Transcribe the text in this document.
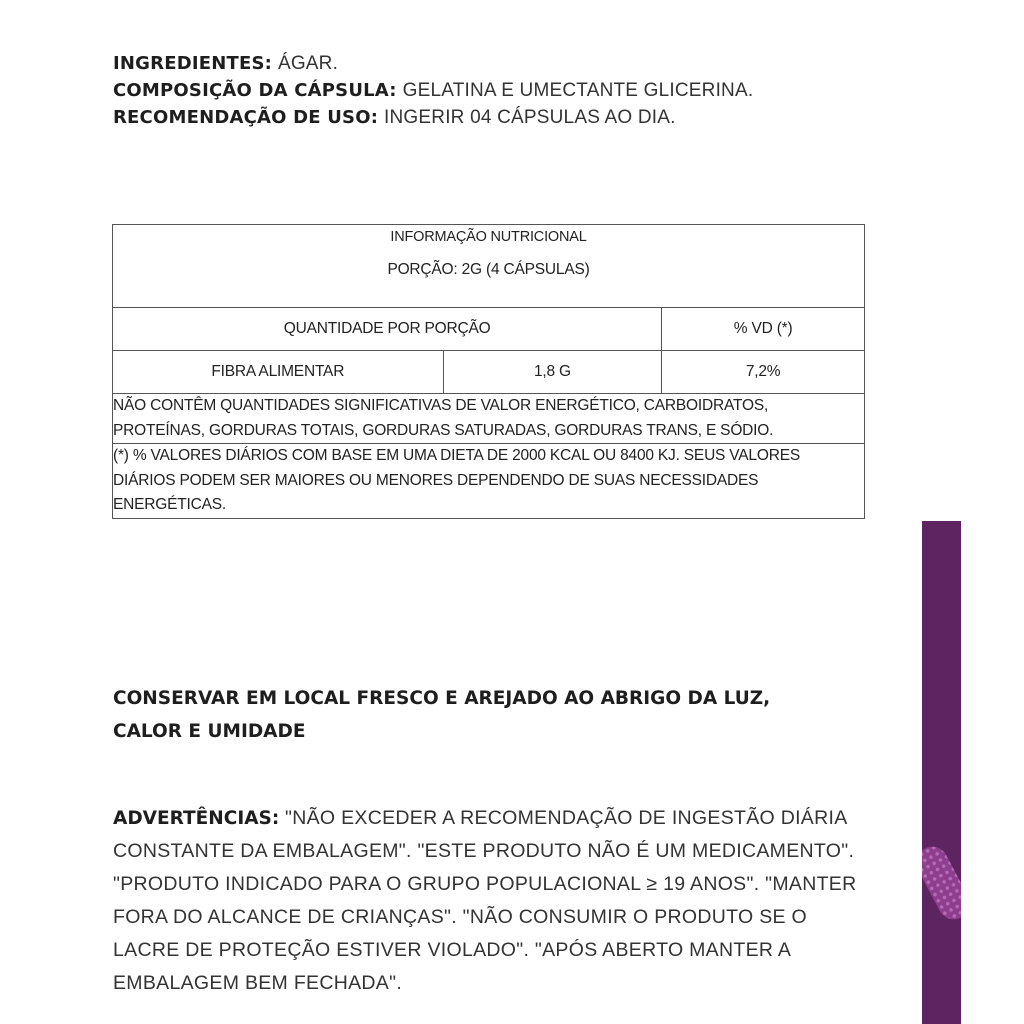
INGREDIENTES: ÁGAR.
COMPOSIÇÃO DA CÁPSULA: GELATINA E UMECTANTE GLICERINA.
RECOMENDAÇÃO DE USO: INGERIR 04 CÁPSULAS AO DIA.
INFORMAÇÃO NUTRICIONAL
PORÇÃO: 2G (4 CÁPSULAS)		

QUANTIDADE POR PORÇÃO		% VD (*)
FIBRA ALIMENTAR	1,8 G	7,2%
NÃO CONTÊM QUANTIDADES SIGNIFICATIVAS DE VALOR ENERGÉTICO, CARBOIDRATOS, PROTEÍNAS, GORDURAS TOTAIS, GORDURAS SATURADAS, GORDURAS TRANS, E SÓDIO.		
(*) % VALORES DIÁRIOS COM BASE EM UMA DIETA DE 2000 KCAL OU 8400 KJ. SEUS VALORES DIÁRIOS PODEM SER MAIORES OU MENORES DEPENDENDO DE SUAS NECESSIDADES ENERGÉTICAS.		
CONSERVAR EM LOCAL FRESCO E AREJADO AO ABRIGO DA LUZ, CALOR E UMIDADE
ADVERTÊNCIAS: "NÃO EXCEDER A RECOMENDAÇÃO DE INGESTÃO DIÁRIA CONSTANTE DA EMBALAGEM". "ESTE PRODUTO NÃO É UM MEDICAMENTO". "PRODUTO INDICADO PARA O GRUPO POPULACIONAL ≥ 19 ANOS". "MANTER FORA DO ALCANCE DE CRIANÇAS". "NÃO CONSUMIR O PRODUTO SE O LACRE DE PROTEÇÃO ESTIVER VIOLADO". "APÓS ABERTO MANTER A EMBALAGEM BEM FECHADA".
